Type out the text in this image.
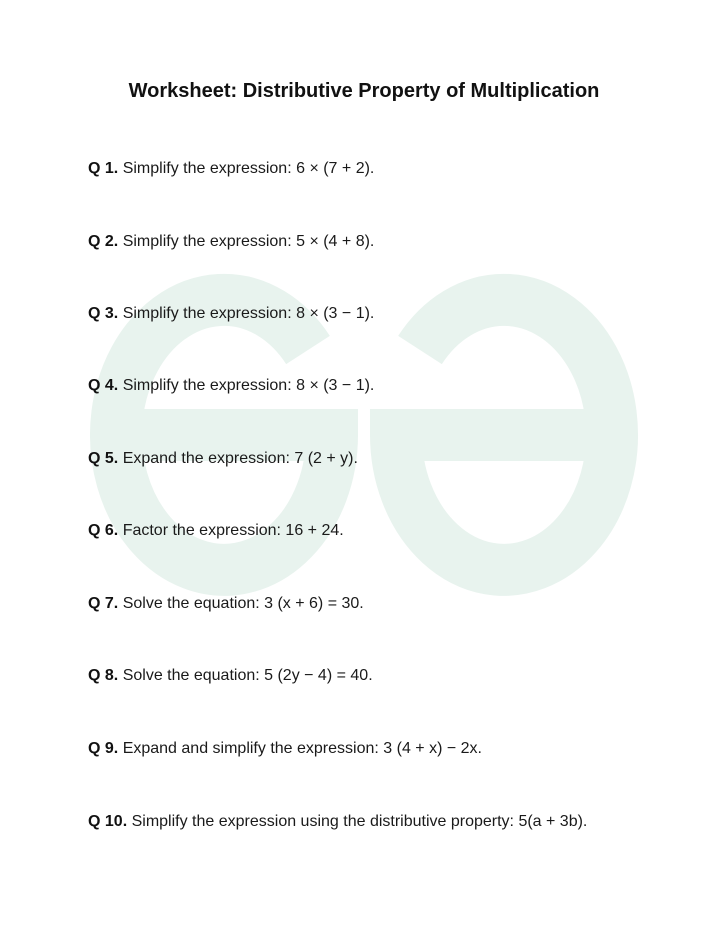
Worksheet: Distributive Property of Multiplication
Q 1. Simplify the expression: 6 × (7 + 2).
Q 2. Simplify the expression: 5 × (4 + 8).
Q 3. Simplify the expression: 8 × (3 − 1).
Q 4. Simplify the expression: 8 × (3 − 1).
Q 5. Expand the expression: 7 (2 + y).
Q 6. Factor the expression: 16 + 24.
Q 7. Solve the equation: 3 (x + 6) = 30.
Q 8. Solve the equation: 5 (2y − 4) = 40.
Q 9. Expand and simplify the expression: 3 (4 + x) − 2x.
Q 10. Simplify the expression using the distributive property: 5(a + 3b).
